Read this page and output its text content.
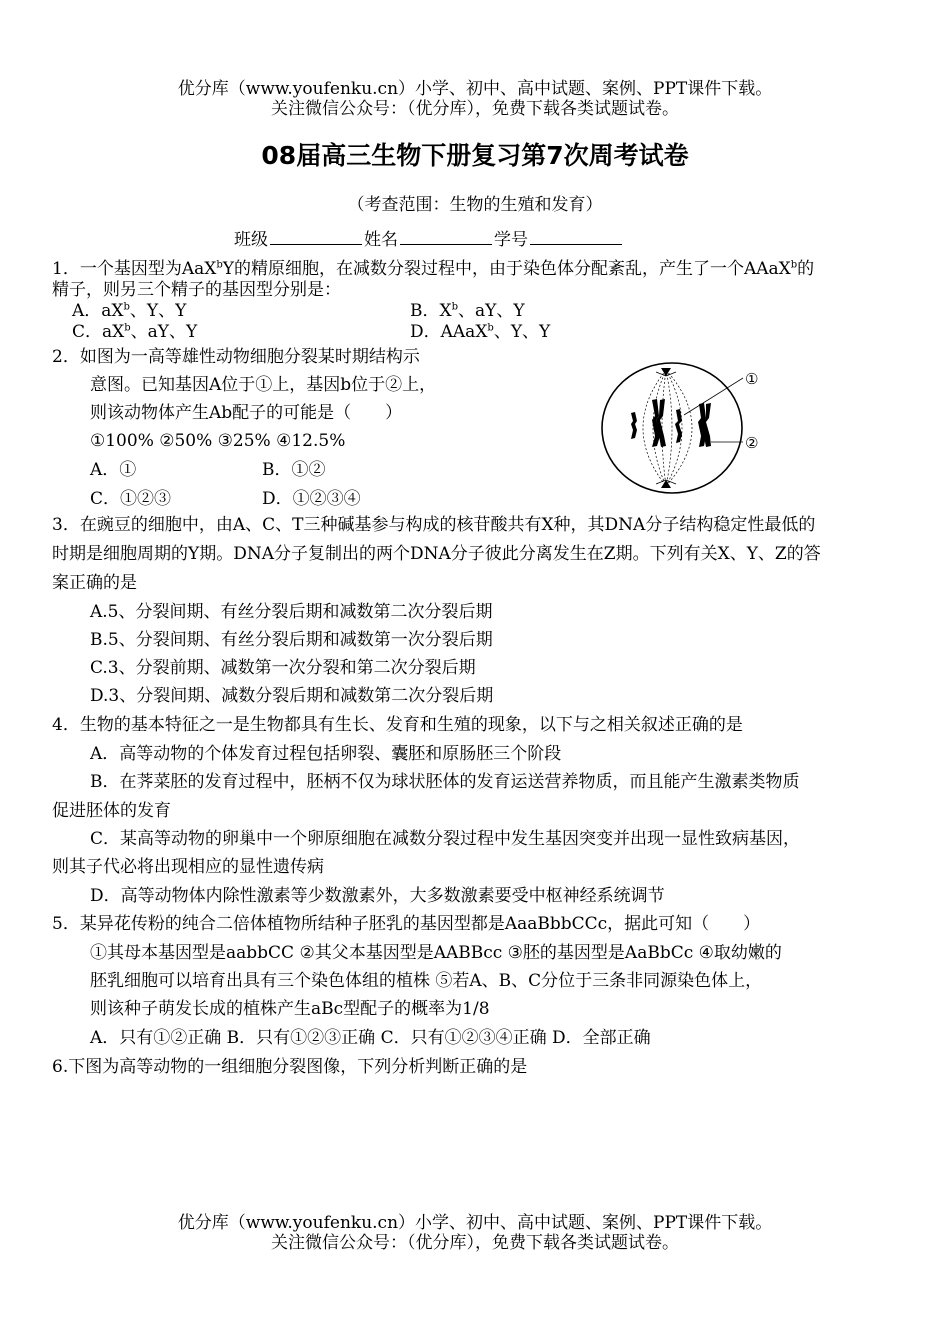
优分库（www.youfenku.cn）小学、初中、高中试题、案例、PPT课件下载。
关注微信公众号：（优分库），免费下载各类试题试卷。
08届高三生物下册复习第7次周考试卷
（考查范围：生物的生殖和发育）
班级	姓名	学号
1．一个基因型为AaX$^b$Y的精原细胞，在减数分裂过程中，由于染色体分配紊乱，产生了一个AAaX$^b$的
精子，则另三个精子的基因型分别是：
A．$aX^b$、Y、Y	B．$X^b$、aY、Y
C．$aX^b$、aY、Y	D．AAaX$^b$、Y、Y
2．如图为一高等雄性动物细胞分裂某时期结构示
意图。已知基因A位于①上，基因b位于②上，
则该动物体产生Ab配子的可能是（　　）
①100% ②50% ③25% ④12.5%
A．①	B．①②
C．①②③	D．①②③④
①
②
3．在豌豆的细胞中，由A、C、T三种碱基参与构成的核苷酸共有X种，其DNA分子结构稳定性最低的
时期是细胞周期的Y期。DNA分子复制出的两个DNA分子彼此分离发生在Z期。下列有关X、Y、Z的答
案正确的是
A.5、分裂间期、有丝分裂后期和减数第二次分裂后期
B.5、分裂间期、有丝分裂后期和减数第一次分裂后期
C.3、分裂前期、减数第一次分裂和第二次分裂后期
D.3、分裂间期、减数分裂后期和减数第二次分裂后期
4．生物的基本特征之一是生物都具有生长、发育和生殖的现象，以下与之相关叙述正确的是
A．高等动物的个体发育过程包括卵裂、囊胚和原肠胚三个阶段
B．在荠菜胚的发育过程中，胚柄不仅为球状胚体的发育运送营养物质，而且能产生激素类物质
促进胚体的发育
C．某高等动物的卵巢中一个卵原细胞在减数分裂过程中发生基因突变并出现一显性致病基因，
则其子代必将出现相应的显性遗传病
D．高等动物体内除性激素等少数激素外，大多数激素要受中枢神经系统调节
5．某异花传粉的纯合二倍体植物所结种子胚乳的基因型都是AaaBbbCCc，据此可知（　　）
①其母本基因型是aabbCC ②其父本基因型是AABBcc ③胚的基因型是AaBbCc ④取幼嫩的
胚乳细胞可以培育出具有三个染色体组的植株 ⑤若A、B、C分位于三条非同源染色体上，
则该种子萌发长成的植株产生aBc型配子的概率为1/8
A．只有①②正确 B．只有①②③正确 C．只有①②③④正确 D．全部正确
6.下图为高等动物的一组细胞分裂图像，下列分析判断正确的是
优分库（www.youfenku.cn）小学、初中、高中试题、案例、PPT课件下载。
关注微信公众号：（优分库），免费下载各类试题试卷。
